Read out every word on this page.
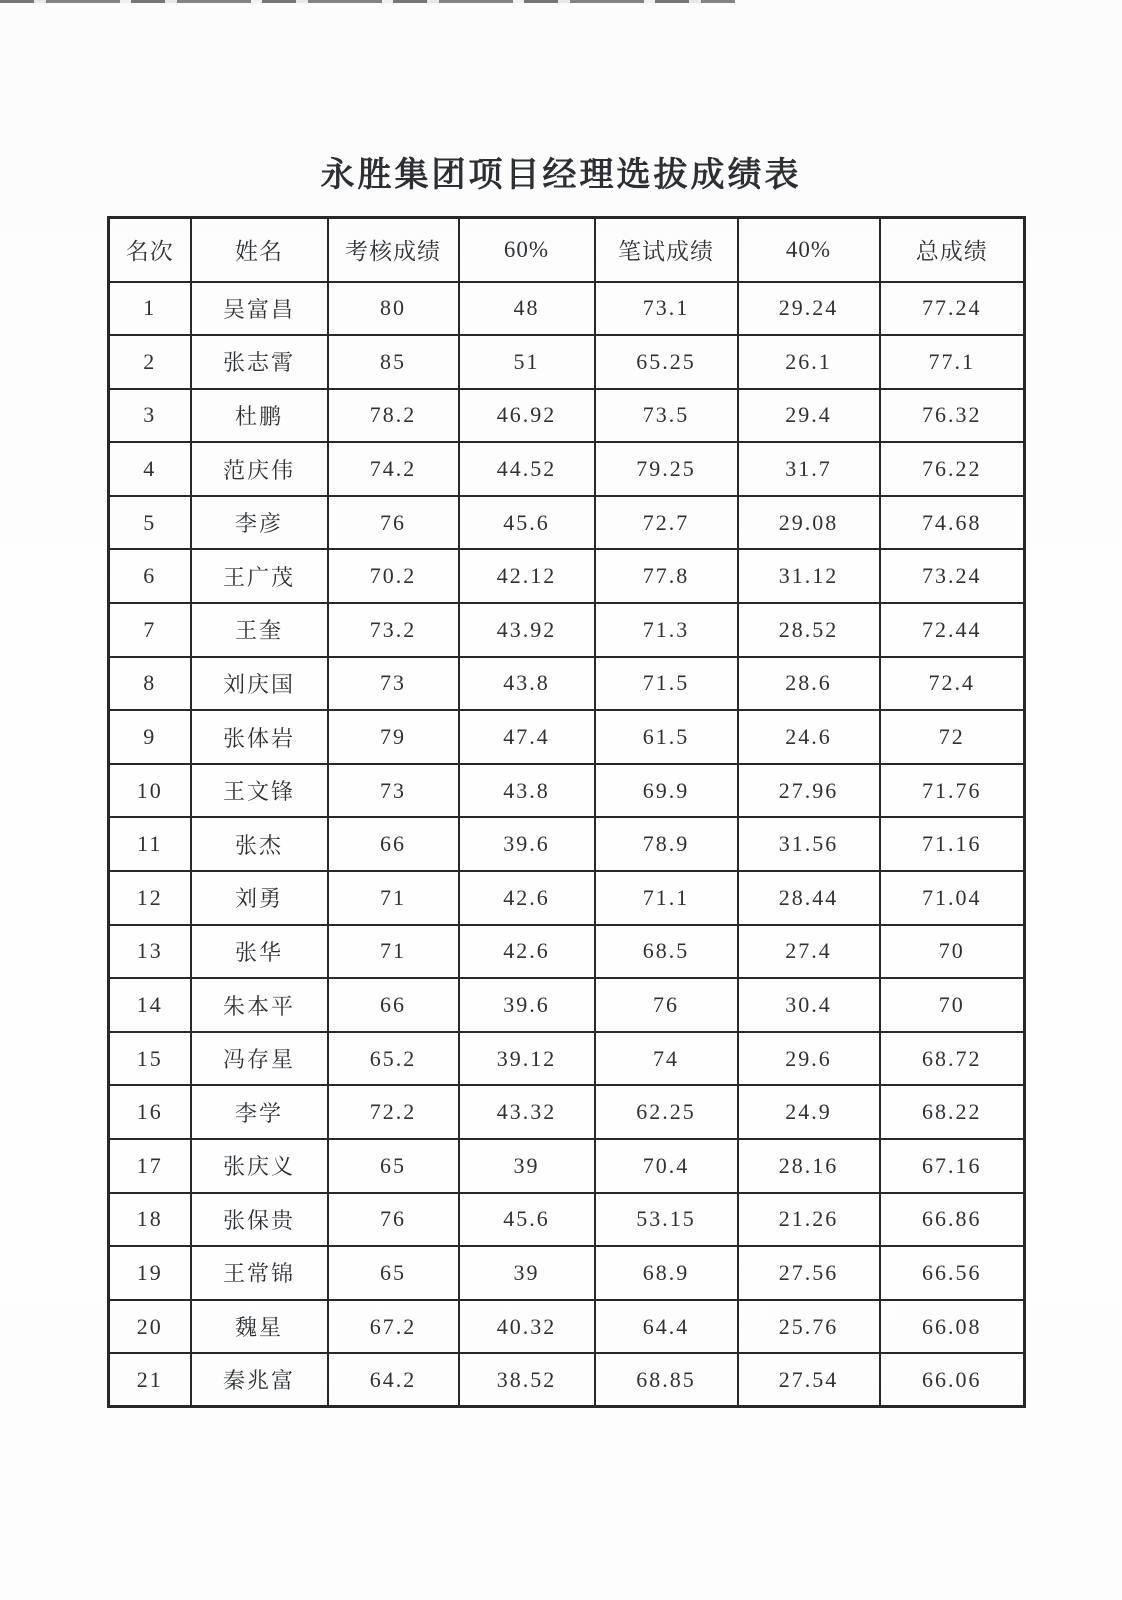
永胜集团项目经理选拔成绩表
名次	姓名	考核成绩	60%	笔试成绩	40%	总成绩
1	吴富昌	80	48	73.1	29.24	77.24
2	张志霄	85	51	65.25	26.1	77.1
3	杜鹏	78.2	46.92	73.5	29.4	76.32
4	范庆伟	74.2	44.52	79.25	31.7	76.22
5	李彦	76	45.6	72.7	29.08	74.68
6	王广茂	70.2	42.12	77.8	31.12	73.24
7	王奎	73.2	43.92	71.3	28.52	72.44
8	刘庆国	73	43.8	71.5	28.6	72.4
9	张体岩	79	47.4	61.5	24.6	72
10	王文锋	73	43.8	69.9	27.96	71.76
11	张杰	66	39.6	78.9	31.56	71.16
12	刘勇	71	42.6	71.1	28.44	71.04
13	张华	71	42.6	68.5	27.4	70
14	朱本平	66	39.6	76	30.4	70
15	冯存星	65.2	39.12	74	29.6	68.72
16	李学	72.2	43.32	62.25	24.9	68.22
17	张庆义	65	39	70.4	28.16	67.16
18	张保贵	76	45.6	53.15	21.26	66.86
19	王常锦	65	39	68.9	27.56	66.56
20	魏星	67.2	40.32	64.4	25.76	66.08
21	秦兆富	64.2	38.52	68.85	27.54	66.06
